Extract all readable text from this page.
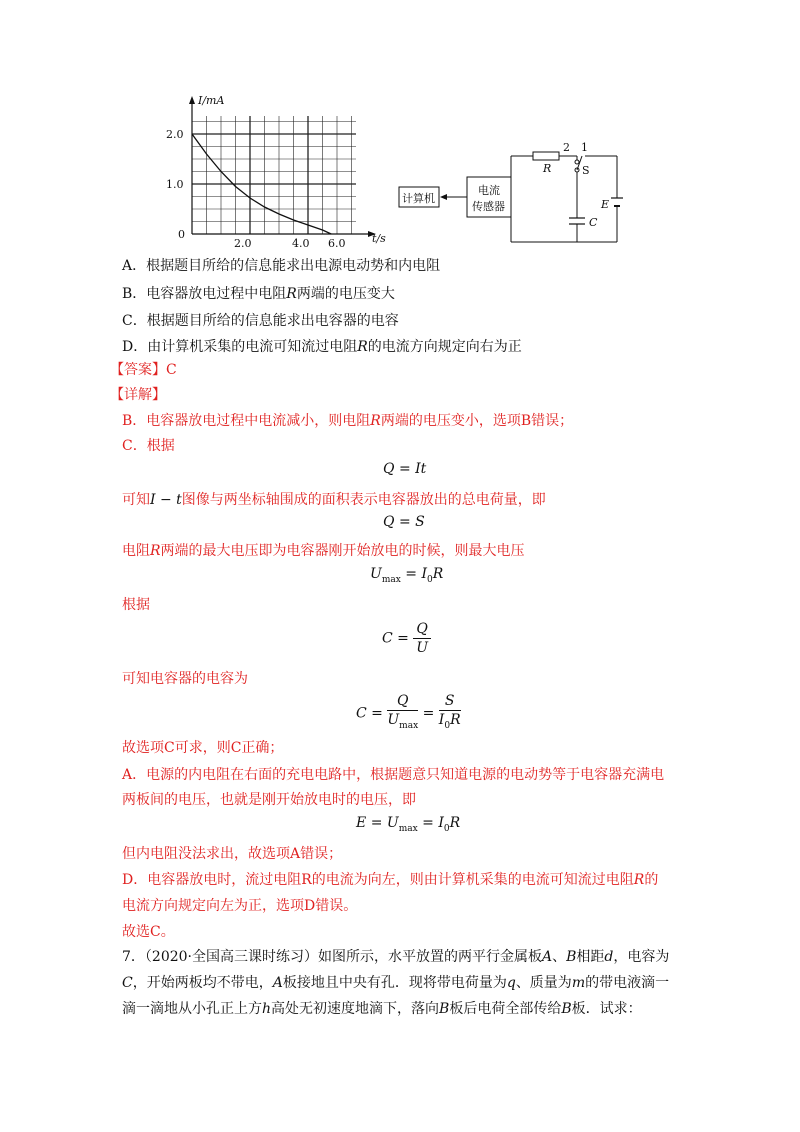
I/mA
t/s
2.0
1.0
0
2.0	4.0 6.0
计算机
电流
传感器
R
2 1
S
C
E
A．根据题目所给的信息能求出电源电动势和内电阻
B．电容器放电过程中电阻R两端的电压变大
C．根据题目所给的信息能求出电容器的电容
D．由计算机采集的电流可知流过电阻R的电流方向规定向右为正
【答案】C
【详解】
B．电容器放电过程中电流减小，则电阻R两端的电压变小，选项B错误；
C．根据
Q = It
可知I − t图像与两坐标轴围成的面积表示电容器放出的总电荷量，即
Q = S
电阻R两端的最大电压即为电容器刚开始放电的时候，则最大电压
$U_{max} = I_0R$
根据
$C = \frac{Q}{U}$
可知电容器的电容为
$C = \frac{Q}{U_{max}} = \frac{S}{I_0R}$
故选项C可求，则C正确；
A．电源的内电阻在右面的充电电路中，根据题意只知道电源的电动势等于电容器充满电
两板间的电压，也就是刚开始放电时的电压，即
$E = U_{max} = I_0R$
但内电阻没法求出，故选项A错误；
D．电容器放电时，流过电阻R的电流为向左，则由计算机采集的电流可知流过电阻R的
电流方向规定向左为正，选项D错误。
故选C。
7．（2020·全国高三课时练习）如图所示，水平放置的两平行金属板A、B相距d，电容为
C，开始两板均不带电，A板接地且中央有孔．现将带电荷量为q、质量为m的带电液滴一
滴一滴地从小孔正上方h高处无初速度地滴下，落向B板后电荷全部传给B板．试求：
